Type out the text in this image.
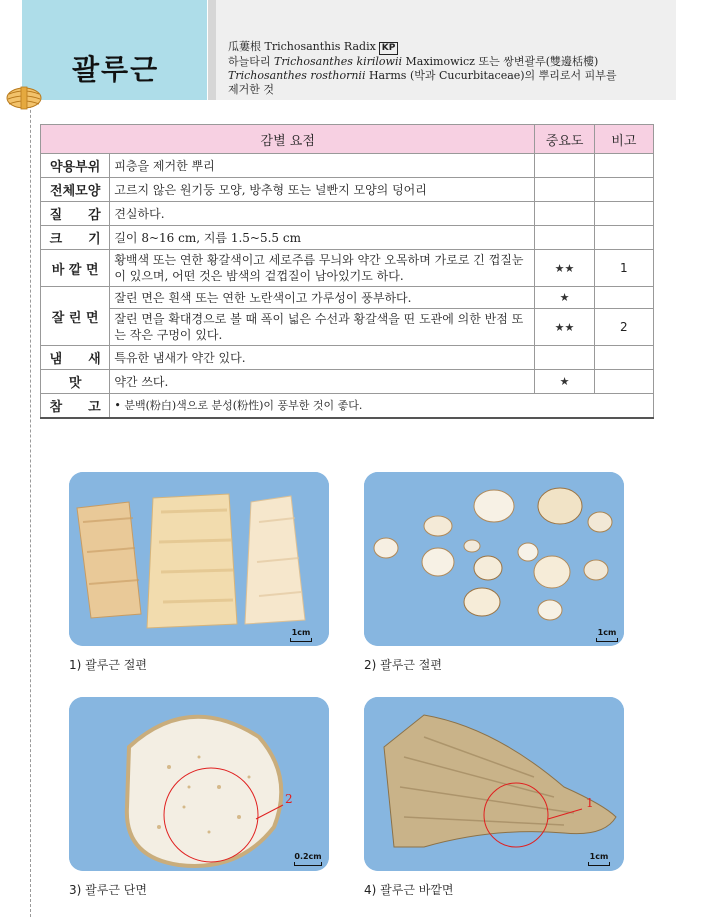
괄루근
瓜蔞根 Trichosanthis Radix KP
하늘타리 Trichosanthes kirilowii Maximowicz 또는 쌍변괄루(雙邊栝樓)
Trichosanthes rosthornii Harms (박과 Cucurbitaceae)의 뿌리로서 피부를
제거한 것
감별 요점		중요도	비고
약용부위	피층을 제거한 뿌리		
전체모양	고르지 않은 원기둥 모양, 방추형 또는 널빤지 모양의 덩어리		
질　　감	견실하다.		
크　　기	길이 8~16 cm, 지름 1.5~5.5 cm		
바 깥 면	황백색 또는 연한 황갈색이고 세로주름 무늬와 약간 오목하며 가로로 긴 껍질눈이 있으며, 어떤 것은 밤색의 겉껍질이 남아있기도 하다.	★★	1
잘 린 면	잘린 면은 흰색 또는 연한 노란색이고 가루성이 풍부하다.	★	
	잘린 면을 확대경으로 볼 때 폭이 넓은 수선과 황갈색을 띤 도관에 의한 반점 또는 작은 구멍이 있다.	★★	2
냄　　새	특유한 냄새가 약간 있다.		
맛	약간 쓰다.	★	
참　　고	• 분백(粉白)색으로 분성(粉性)이 풍부한 것이 좋다.		
1cm
1) 괄루근 절편
1cm
2) 괄루근 절편
2
0.2cm
3) 괄루근 단면
1
1cm
4) 괄루근 바깥면
